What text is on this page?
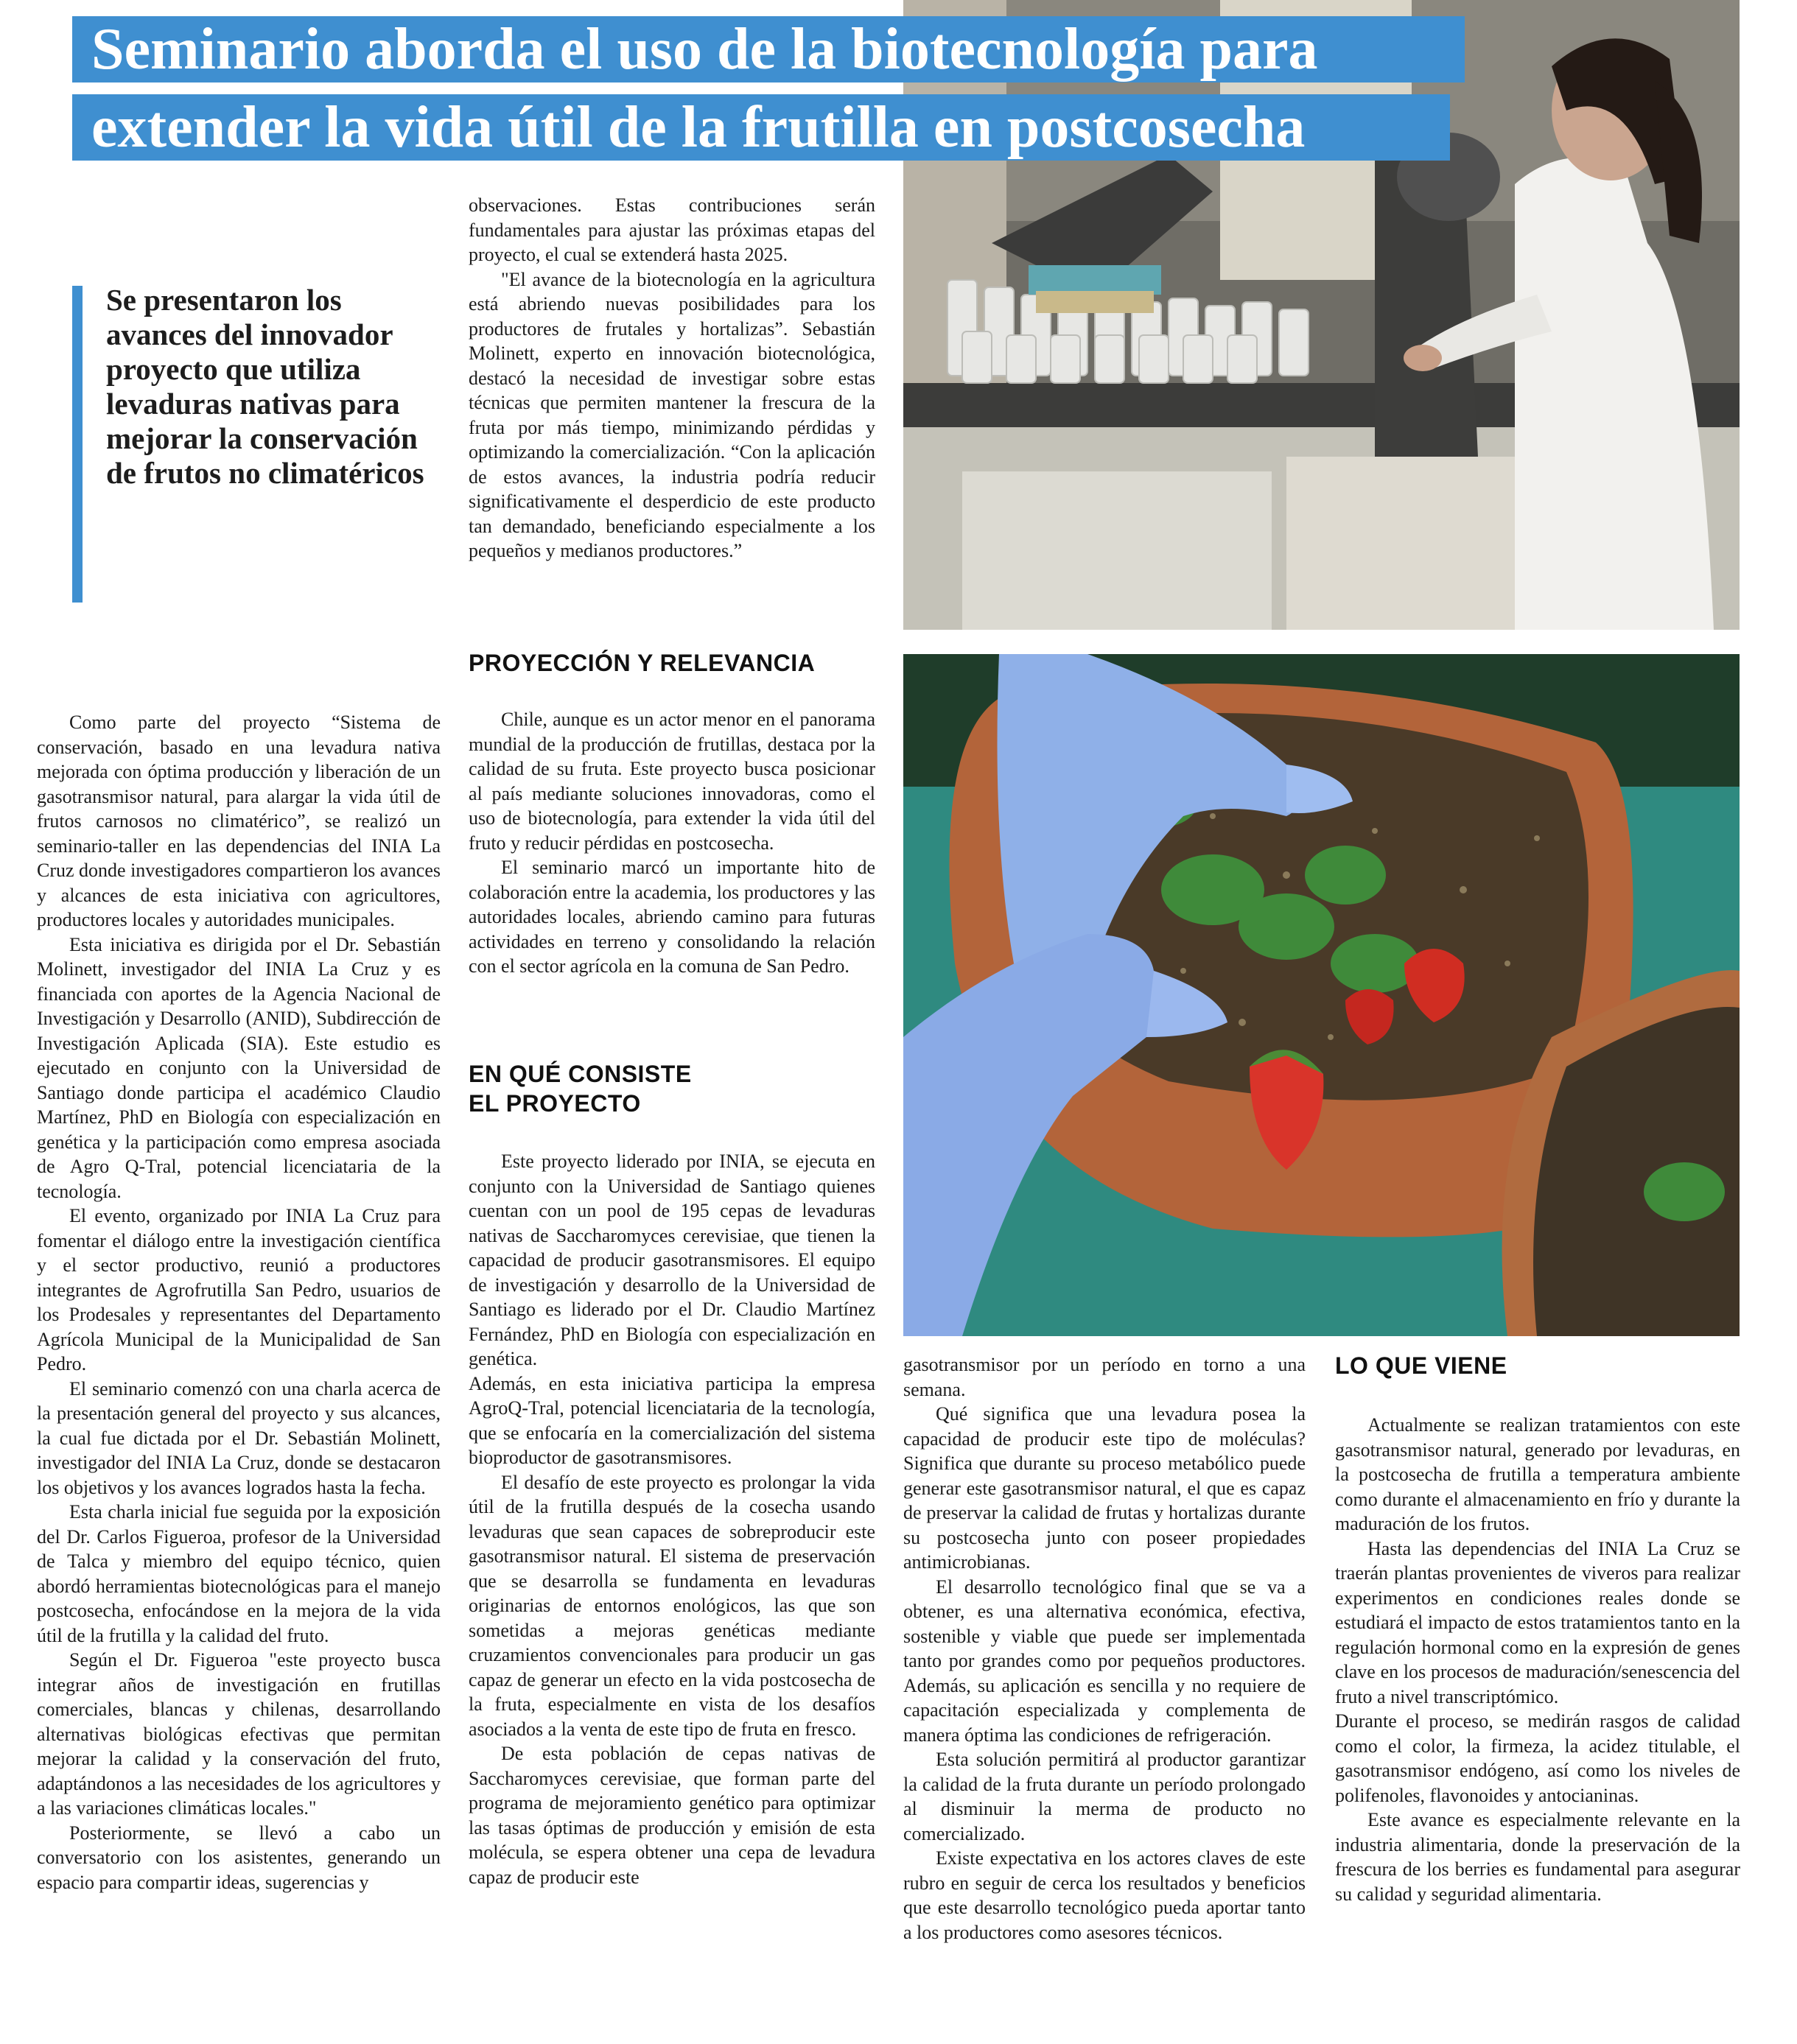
Seminario aborda el uso de la biotecnología para
extender la vida útil de la frutilla en postcosecha
Se presentaron los avances del innovador proyecto que utiliza levaduras nativas para mejorar la conservación de frutos no climatéricos

Como parte del proyecto “Sistema de conservación, basado en una levadura nativa mejorada con óptima producción y liberación de un gasotransmisor natural, para alargar la vida útil de frutos carnosos no climatérico”, se realizó un seminario-taller en las dependencias del INIA La Cruz donde investigadores compartieron los avances y alcances de esta iniciativa con agricultores, productores locales y autoridades municipales.

Esta iniciativa es dirigida por el Dr. Sebastián Molinett, investigador del INIA La Cruz y es financiada con aportes de la Agencia Nacional de Investigación y Desarrollo (ANID), Subdirección de Investigación Aplicada (SIA). Este estudio es ejecutado en conjunto con la Universidad de Santiago donde participa el académico Claudio Martínez, PhD en Biología con especialización en genética y la participación como empresa asociada de Agro Q-Tral, potencial licenciataria de la tecnología.

El evento, organizado por INIA La Cruz para fomentar el diálogo entre la investigación científica y el sector productivo, reunió a productores integrantes de Agrofrutilla San Pedro, usuarios de los Prodesales y representantes del Departamento Agrícola Municipal de la Municipalidad de San Pedro.

El seminario comenzó con una charla acerca de la presentación general del proyecto y sus alcances, la cual fue dictada por el Dr. Sebastián Molinett, investigador del INIA La Cruz, donde se destacaron los objetivos y los avances logrados hasta la fecha.

Esta charla inicial fue seguida por la exposición del Dr. Carlos Figueroa, profesor de la Universidad de Talca y miembro del equipo técnico, quien abordó herramientas biotecnológicas para el manejo postcosecha, enfocándose en la mejora de la vida útil de la frutilla y la calidad del fruto.

Según el Dr. Figueroa "este proyecto busca integrar años de investigación en frutillas comerciales, blancas y chilenas, desarrollando alternativas biológicas efectivas que permitan mejorar la calidad y la conservación del fruto, adaptándonos a las necesidades de los agricultores y a las variaciones climáticas locales."

Posteriormente, se llevó a cabo un conversatorio con los asistentes, generando un espacio para compartir ideas, sugerencias y

observaciones. Estas contribuciones serán fundamentales para ajustar las próximas etapas del proyecto, el cual se extenderá hasta 2025.

"El avance de la biotecnología en la agricultura está abriendo nuevas posibilidades para los productores de frutales y hortalizas”. Sebastián Molinett, experto en innovación biotecnológica, destacó la necesidad de investigar sobre estas técnicas que permiten mantener la frescura de la fruta por más tiempo, minimizando pérdidas y optimizando la comercialización. “Con la aplicación de estos avances, la industria podría reducir significativamente el desperdicio de este producto tan demandado, beneficiando especialmente a los pequeños y medianos productores.”

PROYECCIÓN Y RELEVANCIA

Chile, aunque es un actor menor en el panorama mundial de la producción de frutillas, destaca por la calidad de su fruta. Este proyecto busca posicionar al país mediante soluciones innovadoras, como el uso de biotecnología, para extender la vida útil del fruto y reducir pérdidas en postcosecha.

El seminario marcó un importante hito de colaboración entre la academia, los productores y las autoridades locales, abriendo camino para futuras actividades en terreno y consolidando la relación con el sector agrícola en la comuna de San Pedro.

EN QUÉ CONSISTE
EL PROYECTO

Este proyecto liderado por INIA, se ejecuta en conjunto con la Universidad de Santiago quienes cuentan con un pool de 195 cepas de levaduras nativas de Saccharomyces cerevisiae, que tienen la capacidad de producir gasotransmisores. El equipo de investigación y desarrollo de la Universidad de Santiago es liderado por el Dr. Claudio Martínez Fernández, PhD en Biología con especialización en genética.

Además, en esta iniciativa participa la empresa AgroQ-Tral, potencial licenciataria de la tecnología, que se enfocaría en la comercialización del sistema bioproductor de gasotransmisores.

El desafío de este proyecto es prolongar la vida útil de la frutilla después de la cosecha usando levaduras que sean capaces de sobreproducir este gasotransmisor natural. El sistema de preservación que se desarrolla se fundamenta en levaduras originarias de entornos enológicos, las que son sometidas a mejoras genéticas mediante cruzamientos convencionales para producir un gas capaz de generar un efecto en la vida postcosecha de la fruta, especialmente en vista de los desafíos asociados a la venta de este tipo de fruta en fresco.

De esta población de cepas nativas de Saccharomyces cerevisiae, que forman parte del programa de mejoramiento genético para optimizar las tasas óptimas de producción y emisión de esta molécula, se espera obtener una cepa de levadura capaz de producir este

gasotransmisor por un período en torno a una semana.

Qué significa que una levadura posea la capacidad de producir este tipo de moléculas? Significa que durante su proceso metabólico puede generar este gasotransmisor natural, el que es capaz de preservar la calidad de frutas y hortalizas durante su postcosecha junto con poseer propiedades antimicrobianas.

El desarrollo tecnológico final que se va a obtener, es una alternativa económica, efectiva, sostenible y viable que puede ser implementada tanto por grandes como por pequeños productores. Además, su aplicación es sencilla y no requiere de capacitación especializada y complementa de manera óptima las condiciones de refrigeración.

Esta solución permitirá al productor garantizar la calidad de la fruta durante un período prolongado al disminuir la merma de producto no comercializado.

Existe expectativa en los actores claves de este rubro en seguir de cerca los resultados y beneficios que este desarrollo tecnológico pueda aportar tanto a los productores como asesores técnicos.

LO QUE VIENE

Actualmente se realizan tratamientos con este gasotransmisor natural, generado por levaduras, en la postcosecha de frutilla a temperatura ambiente como durante el almacenamiento en frío y durante la maduración de los frutos.

Hasta las dependencias del INIA La Cruz se traerán plantas provenientes de viveros para realizar experimentos en condiciones reales donde se estudiará el impacto de estos tratamientos tanto en la regulación hormonal como en la expresión de genes clave en los procesos de maduración/senescencia del fruto a nivel transcriptómico.

Durante el proceso, se medirán rasgos de calidad como el color, la firmeza, la acidez titulable, el gasotransmisor endógeno, así como los niveles de polifenoles, flavonoides y antocianinas.

Este avance es especialmente relevante en la industria alimentaria, donde la preservación de la frescura de los berries es fundamental para asegurar su calidad y seguridad alimentaria.
